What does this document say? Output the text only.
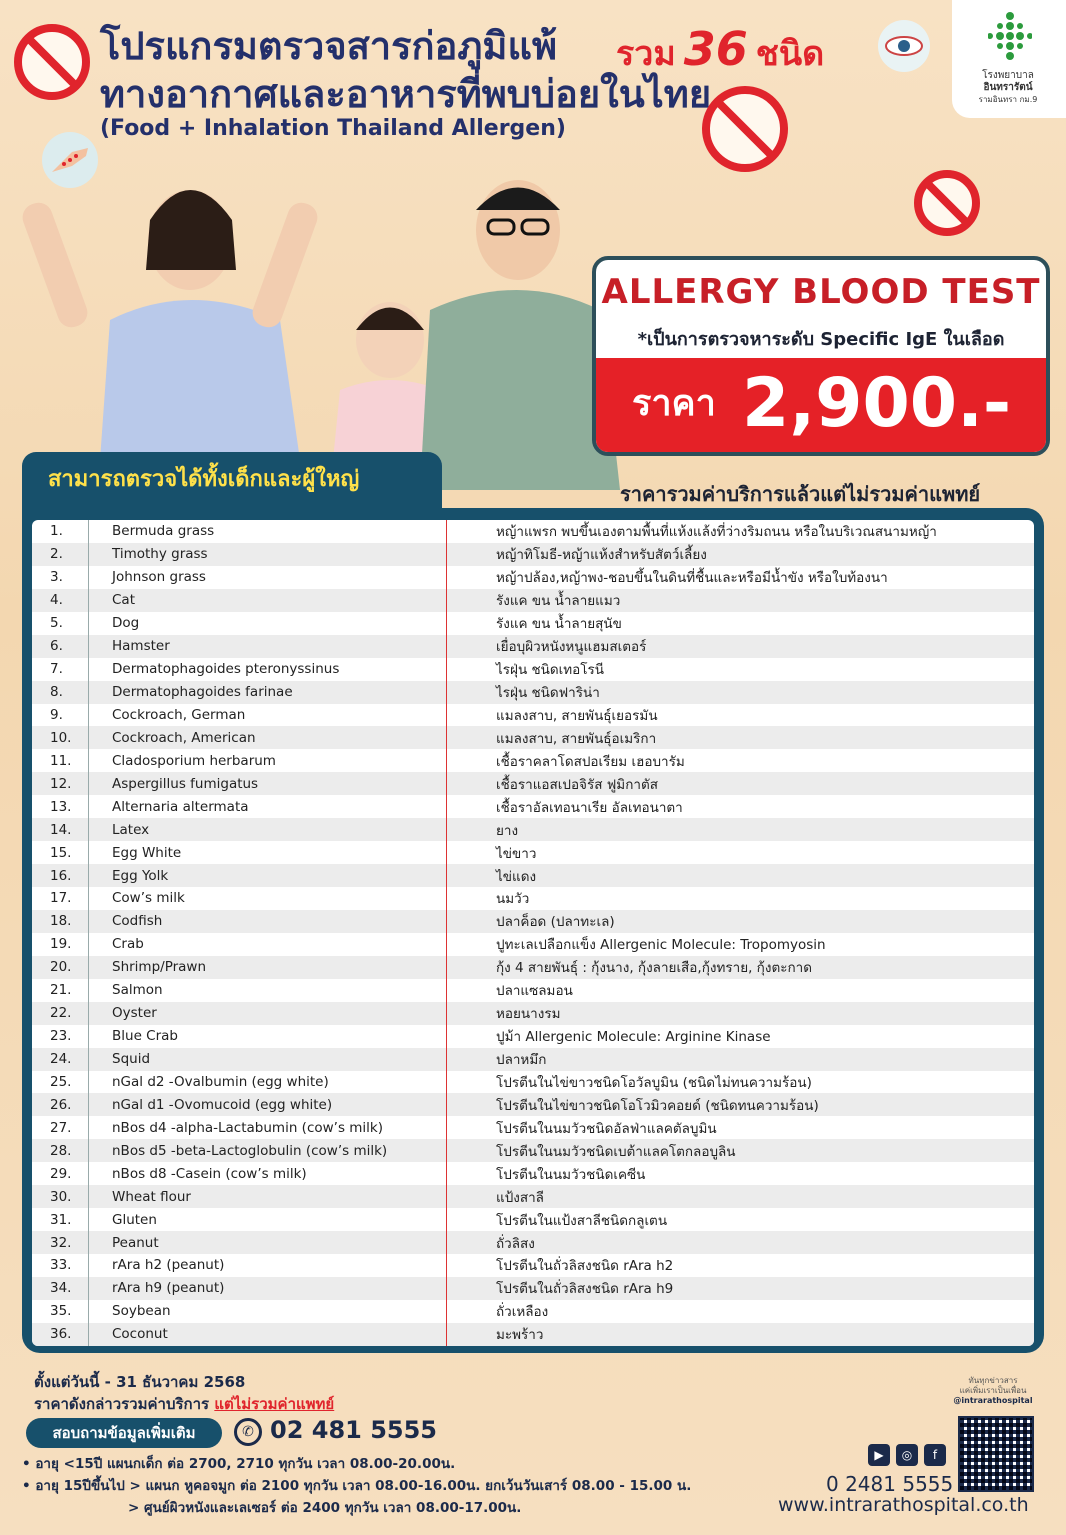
โปรแกรมตรวจสารก่อภูมิแพ้
ทางอากาศและอาหารที่พบบ่อยในไทย
รวม 36 ชนิด
(Food + Inhalation Thailand Allergen)
โรงพยาบาล
อินทรารัตน์
รามอินทรา กม.9
ALLERGY BLOOD TEST
*เป็นการตรวจหาระดับ Specific IgE ในเลือด
ราคา 2,900.-
สามารถตรวจได้ทั้งเด็กและผู้ใหญ่
ราคารวมค่าบริการแล้วแต่ไม่รวมค่าแพทย์
1.	Bermuda grass	หญ้าแพรก พบขึ้นเองตามพื้นที่แห้งแล้งที่ว่างริมถนน หรือในบริเวณสนามหญ้า
2.	Timothy grass	หญ้าทิโมธี-หญ้าแห้งสำหรับสัตว์เลี้ยง
3.	Johnson grass	หญ้าปล้อง,หญ้าพง-ชอบขึ้นในดินที่ชื้นและหรือมีน้ำขัง หรือใบท้องนา
4.	Cat	รังแค ขน น้ำลายแมว
5.	Dog	รังแค ขน น้ำลายสุนัข
6.	Hamster	เยื่อบุผิวหนังหนูแฮมสเตอร์
7.	Dermatophagoides pteronyssinus	ไรฝุ่น ชนิดเทอโรนี
8.	Dermatophagoides farinae	ไรฝุ่น ชนิดฟาริน่า
9.	Cockroach, German	แมลงสาบ, สายพันธุ์เยอรมัน
10.	Cockroach, American	แมลงสาบ, สายพันธุ์อเมริกา
11.	Cladosporium herbarum	เชื้อราคลาโดสปอเรียม เฮอบารัม
12.	Aspergillus fumigatus	เชื้อราแอสเปอจิรัส ฟูมิกาตัส
13.	Alternaria altermata	เชื้อราอัลเทอนาเรีย อัลเทอนาตา
14.	Latex	ยาง
15.	Egg White	ไข่ขาว
16.	Egg Yolk	ไข่แดง
17.	Cow’s milk	นมวัว
18.	Codfish	ปลาค็อด (ปลาทะเล)
19.	Crab	ปูทะเลเปลือกแข็ง Allergenic Molecule: Tropomyosin
20.	Shrimp/Prawn	กุ้ง 4 สายพันธุ์ : กุ้งนาง, กุ้งลายเสือ,กุ้งทราย, กุ้งตะกาด
21.	Salmon	ปลาแซลมอน
22.	Oyster	หอยนางรม
23.	Blue Crab	ปูม้า Allergenic Molecule: Arginine Kinase
24.	Squid	ปลาหมึก
25.	nGal d2 -Ovalbumin (egg white)	โปรตีนในไข่ขาวชนิดโอวัลบูมิน (ชนิดไม่ทนความร้อน)
26.	nGal d1 -Ovomucoid (egg white)	โปรตีนในไข่ขาวชนิดโอโวมิวคอยด์ (ชนิดทนความร้อน)
27.	nBos d4 -alpha-Lactabumin (cow’s milk)	โปรตีนในนมวัวชนิดอัลฟ่าแลคตัลบูมิน
28.	nBos d5 -beta-Lactoglobulin (cow’s milk)	โปรตีนในนมวัวชนิดเบต้าแลคโตกลอบูลิน
29.	nBos d8 -Casein (cow’s milk)	โปรตีนในนมวัวชนิดเคซีน
30.	Wheat flour	แป้งสาลี
31.	Gluten	โปรตีนในแป้งสาลีชนิดกลูเตน
32.	Peanut	ถั่วลิสง
33.	rAra h2 (peanut)	โปรตีนในถั่วลิสงชนิด rAra h2
34.	rAra h9 (peanut)	โปรตีนในถั่วลิสงชนิด rAra h9
35.	Soybean	ถั่วเหลือง
36.	Coconut	มะพร้าว
ตั้งแต่วันนี้ - 31 ธันวาคม 2568
ราคาดังกล่าวรวมค่าบริการ แต่ไม่รวมค่าแพทย์
สอบถามข้อมูลเพิ่มเติม	✆ 02 481 5555
• อายุ <15ปี แผนกเด็ก ต่อ 2700, 2710 ทุกวัน เวลา 08.00-20.00น.
• อายุ 15ปีขึ้นไป > แผนก หูคอจมูก ต่อ 2100 ทุกวัน เวลา 08.00-16.00น. ยกเว้นวันเสาร์ 08.00 - 15.00 น.
> ศูนย์ผิวหนังและเลเซอร์ ต่อ 2400 ทุกวัน เวลา 08.00-17.00น.
ทันทุกข่าวสาร
แค่เพิ่มเราเป็นเพื่อน
@intrarathospital
▶	◎	f
0 2481 5555
www.intrarathospital.co.th
